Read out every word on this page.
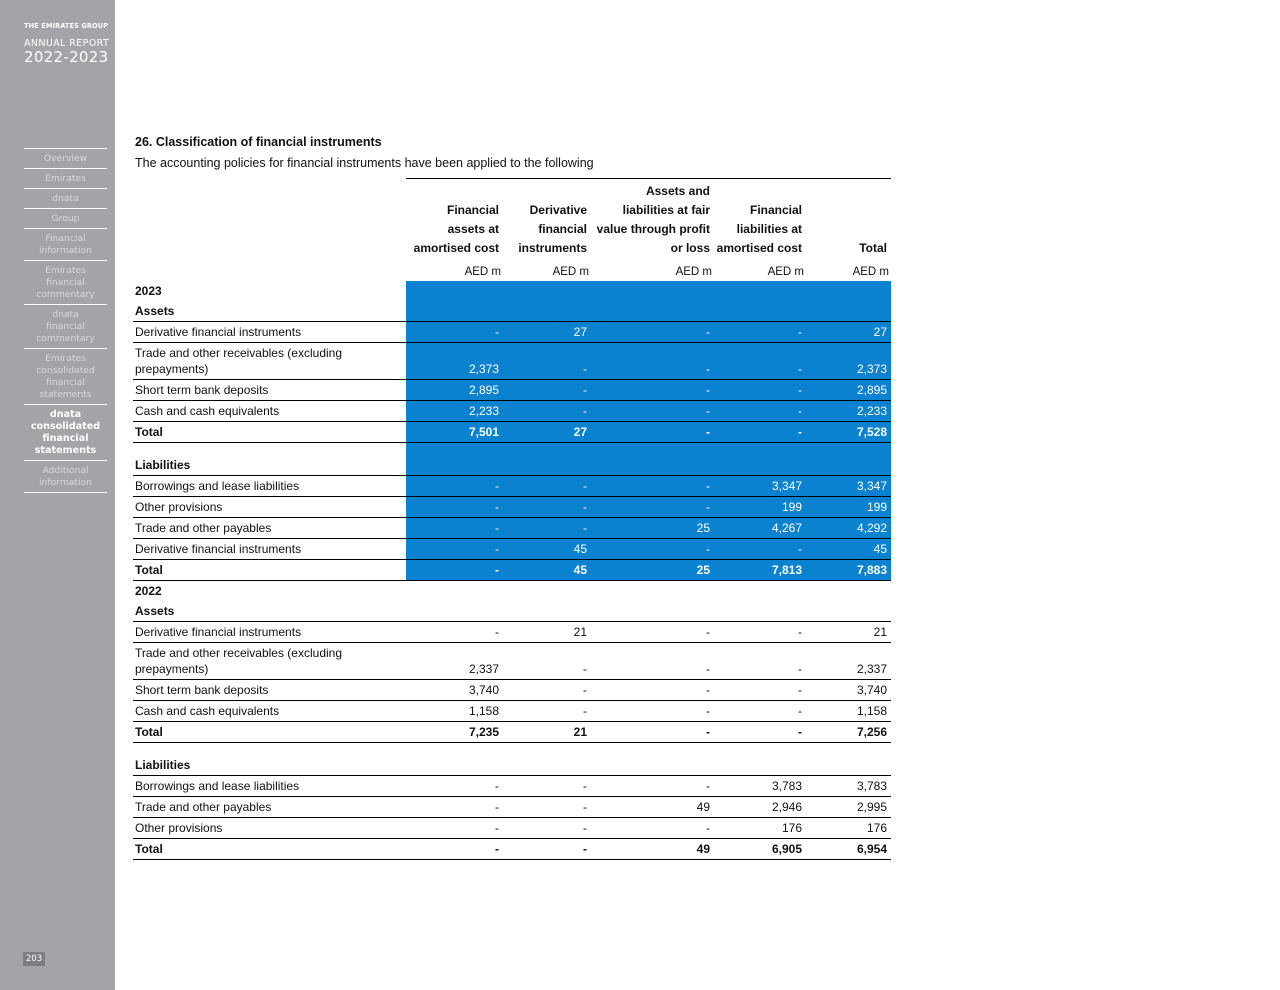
THE EMIRATES GROUP
ANNUAL REPORT
2022-2023
Overview
Emirates
dnata
Group
Financial
information
Emirates
financial
commentary
dnata
financial
commentary
Emirates
consolidated
financial
statements
dnata
consolidated
financial
statements
Additional
information
203
26. Classification of financial instruments
The accounting policies for financial instruments have been applied to the following
	Financial assets at amortised cost	Derivative financial instruments	Assets and liabilities at fair value through profit or loss	Financial liabilities at amortised cost	Total
	AED m	AED m	AED m	AED m	AED m
2023					
Assets					
Derivative financial instruments	-	27	-	-	27
Trade and other receivables (excluding
prepayments)	2,373	-	-	-	2,373
Short term bank deposits	2,895	-	-	-	2,895
Cash and cash equivalents	2,233	-	-	-	2,233
Total	7,501	27	-	-	7,528
Liabilities					
Borrowings and lease liabilities	-	-	-	3,347	3,347
Other provisions	-	-	-	199	199
Trade and other payables	-	-	25	4,267	4,292
Derivative financial instruments	-	45	-	-	45
Total	-	45	25	7,813	7,883
2022					
Assets					
Derivative financial instruments	-	21	-	-	21
Trade and other receivables (excluding
prepayments)	2,337	-	-	-	2,337
Short term bank deposits	3,740	-	-	-	3,740
Cash and cash equivalents	1,158	-	-	-	1,158
Total	7,235	21	-	-	7,256
Liabilities					
Borrowings and lease liabilities	-	-	-	3,783	3,783
Trade and other payables	-	-	49	2,946	2,995
Other provisions	-	-	-	176	176
Total	-	-	49	6,905	6,954
